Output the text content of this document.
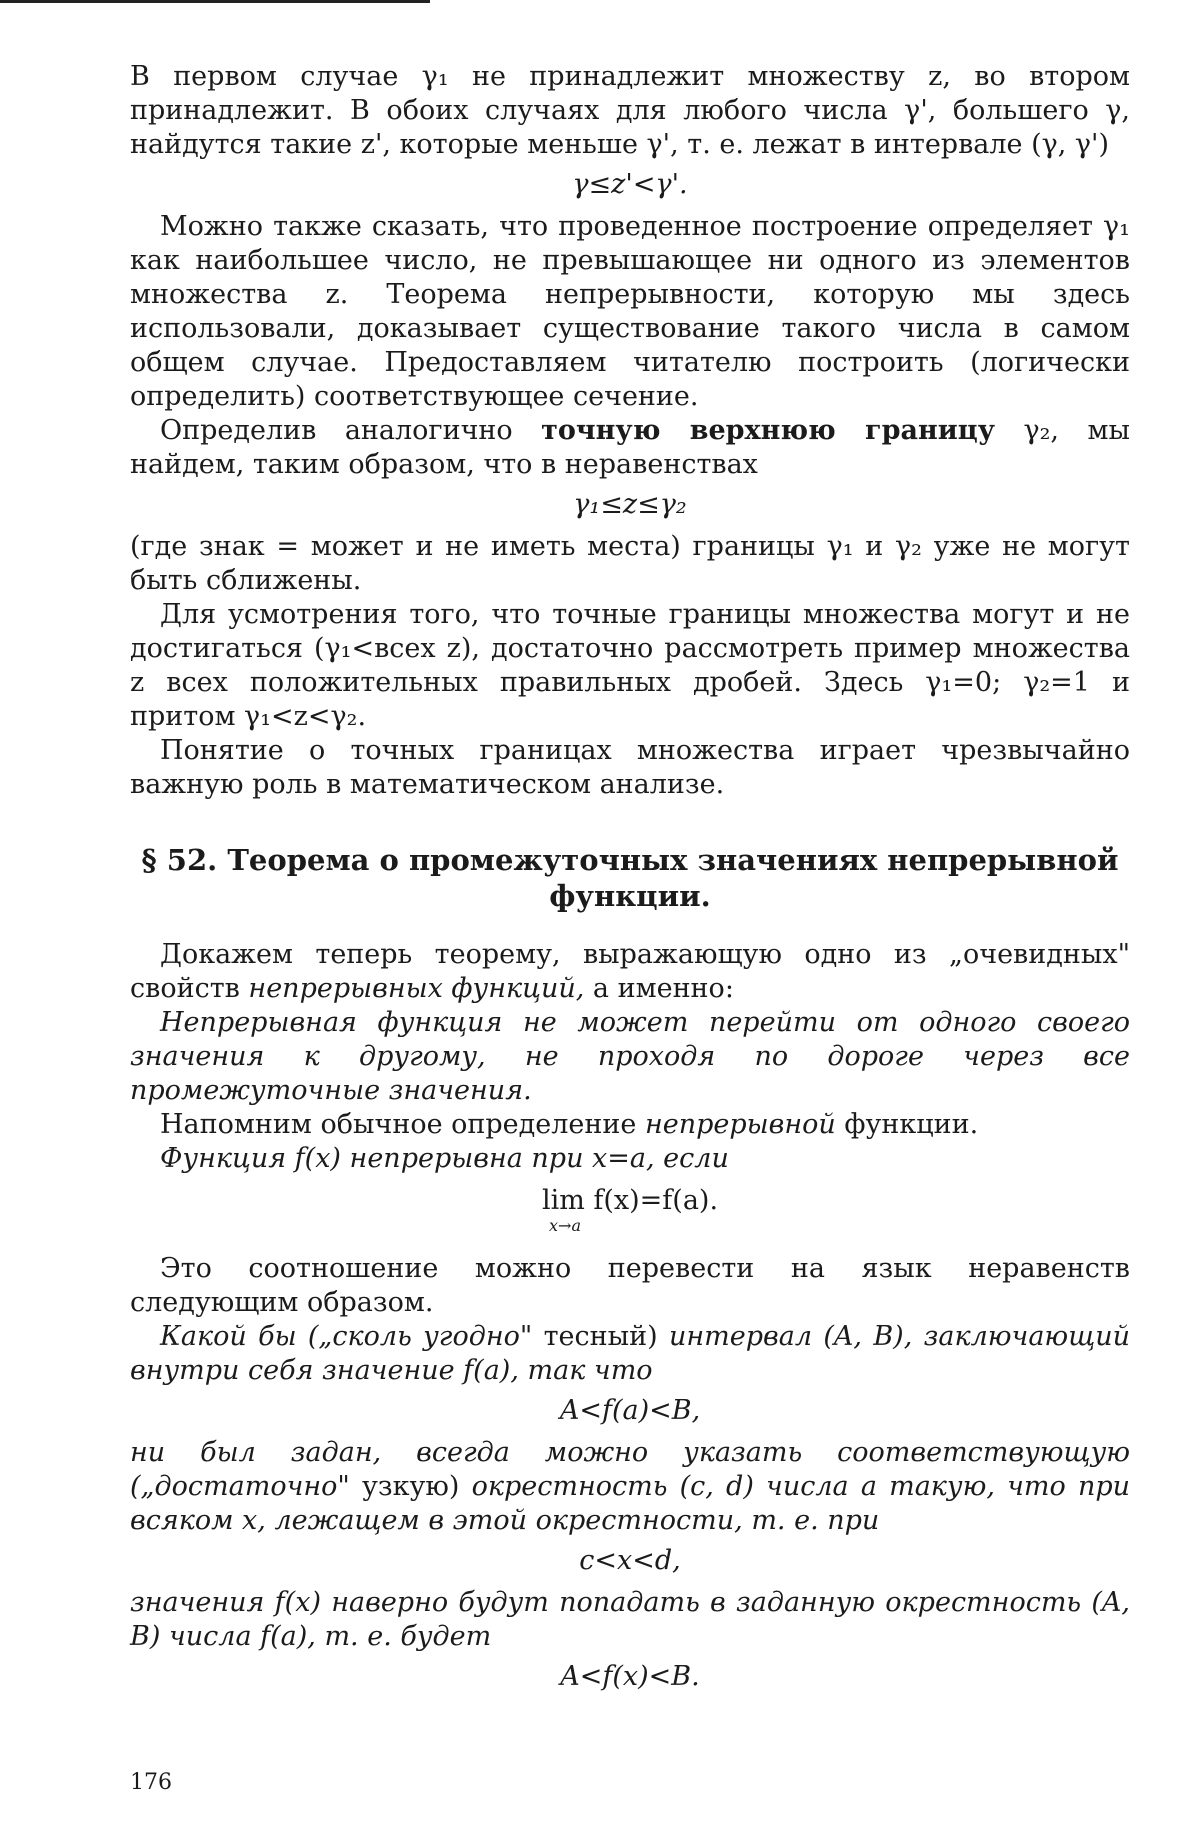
В первом случае γ₁ не принадлежит множеству z, во втором принадлежит. В обоих случаях для любого числа γ', большего γ, найдутся такие z', которые меньше γ', т. е. лежат в интервале (γ, γ')

γ≤z'<γ'.

Можно также сказать, что проведенное построение определяет γ₁ как наибольшее число, не превышающее ни одного из элементов множества z. Теорема непрерывности, которую мы здесь использовали, доказывает существование такого числа в самом общем случае. Предоставляем читателю построить (логически определить) соответствующее сечение.

Определив аналогично точную верхнюю границу γ₂, мы найдем, таким образом, что в неравенствах

γ₁≤z≤γ₂

(где знак = может и не иметь места) границы γ₁ и γ₂ уже не могут быть сближены.

Для усмотрения того, что точные границы множества могут и не достигаться (γ₁<всех z), достаточно рассмотреть пример множества z всех положительных правильных дробей. Здесь γ₁=0; γ₂=1 и притом γ₁<z<γ₂.

Понятие о точных границах множества играет чрезвычайно важную роль в математическом анализе.

§ 52. Теорема о промежуточных значениях непрерывной
функции.

Докажем теперь теорему, выражающую одно из „очевидных" свойств непрерывных функций, а именно:

Непрерывная функция не может перейти от одного своего значения к другому, не проходя по дороге через все промежуточные значения.

Напомним обычное определение непрерывной функции.

Функция f(x) непрерывна при x=a, если

lim f(x)=f(a).
x→a

Это соотношение можно перевести на язык неравенств следующим образом.

Какой бы („сколь угодно" тесный) интервал (A, B), заключающий внутри себя значение f(a), так что

A<f(a)<B,

ни был задан, всегда можно указать соответствующую („достаточно" узкую) окрестность (c, d) числа a такую, что при всяком x, лежащем в этой окрестности, т. е. при

c<x<d,

значения f(x) наверно будут попадать в заданную окрестность (A, B) числа f(a), т. е. будет

A<f(x)<B.

176
